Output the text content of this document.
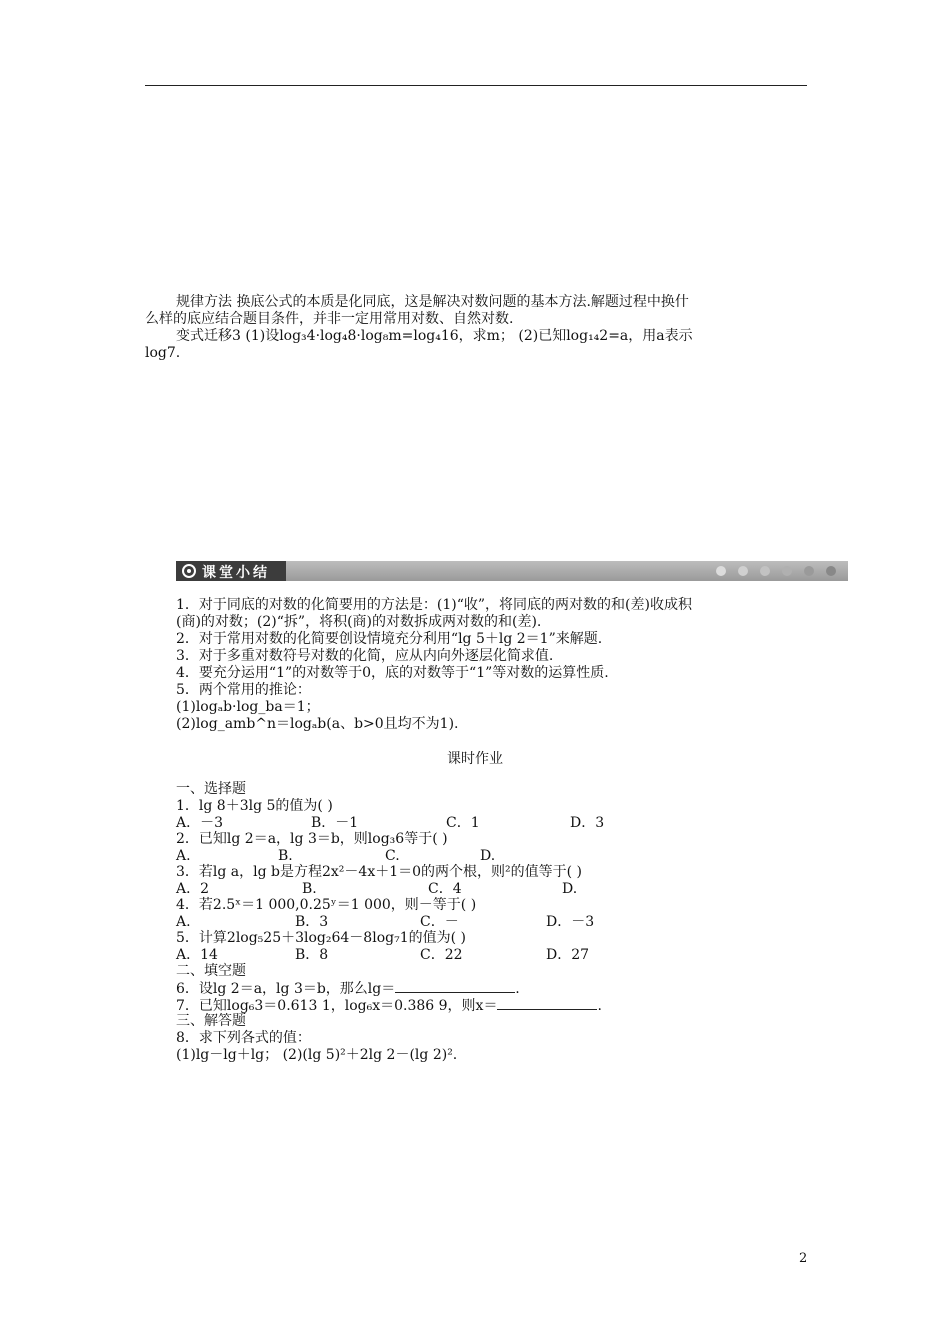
规律方法 换底公式的本质是化同底，这是解决对数问题的基本方法.解题过程中换什
么样的底应结合题目条件，并非一定用常用对数、自然对数.
变式迁移3 (1)设log₃4·log₄8·log₈m=log₄16，求m； (2)已知log₁₄2=a，用a表示
log7.
课堂小结
1．对于同底的对数的化简要用的方法是：(1)“收”，将同底的两对数的和(差)收成积
(商)的对数；(2)“拆”，将积(商)的对数拆成两对数的和(差).
2．对于常用对数的化简要创设情境充分利用“lg 5＋lg 2＝1”来解题.
3．对于多重对数符号对数的化简，应从内向外逐层化简求值.
4．要充分运用“1”的对数等于0，底的对数等于“1”等对数的运算性质.
5．两个常用的推论：
(1)logₐb·log_ba＝1；
(2)log_amb^n＝logₐb(a、b>0且均不为1).
课时作业
一、选择题
1．lg 8＋3lg 5的值为( )
A．－3	B．－1	C．1	D．3
2．已知lg 2＝a，lg 3＝b，则log₃6等于( )
A.	B.	C.	D.
3．若lg a，lg b是方程2x²－4x＋1＝0的两个根，则²的值等于( )
A．2	B.	C．4	D.
4．若2.5ˣ＝1 000,0.25ʸ＝1 000，则－等于( )
A.	B．3	C．－	D．－3
5．计算2log₅25＋3log₂64－8log₇1的值为( )
A．14	B．8	C．22	D．27
二、填空题
6．设lg 2＝a，lg 3＝b，那么lg＝	.
7．已知log₆3＝0.613 1，log₆x＝0.386 9，则x＝	.
三、解答题
8．求下列各式的值：
(1)lg－lg＋lg； (2)(lg 5)²＋2lg 2－(lg 2)².
2
